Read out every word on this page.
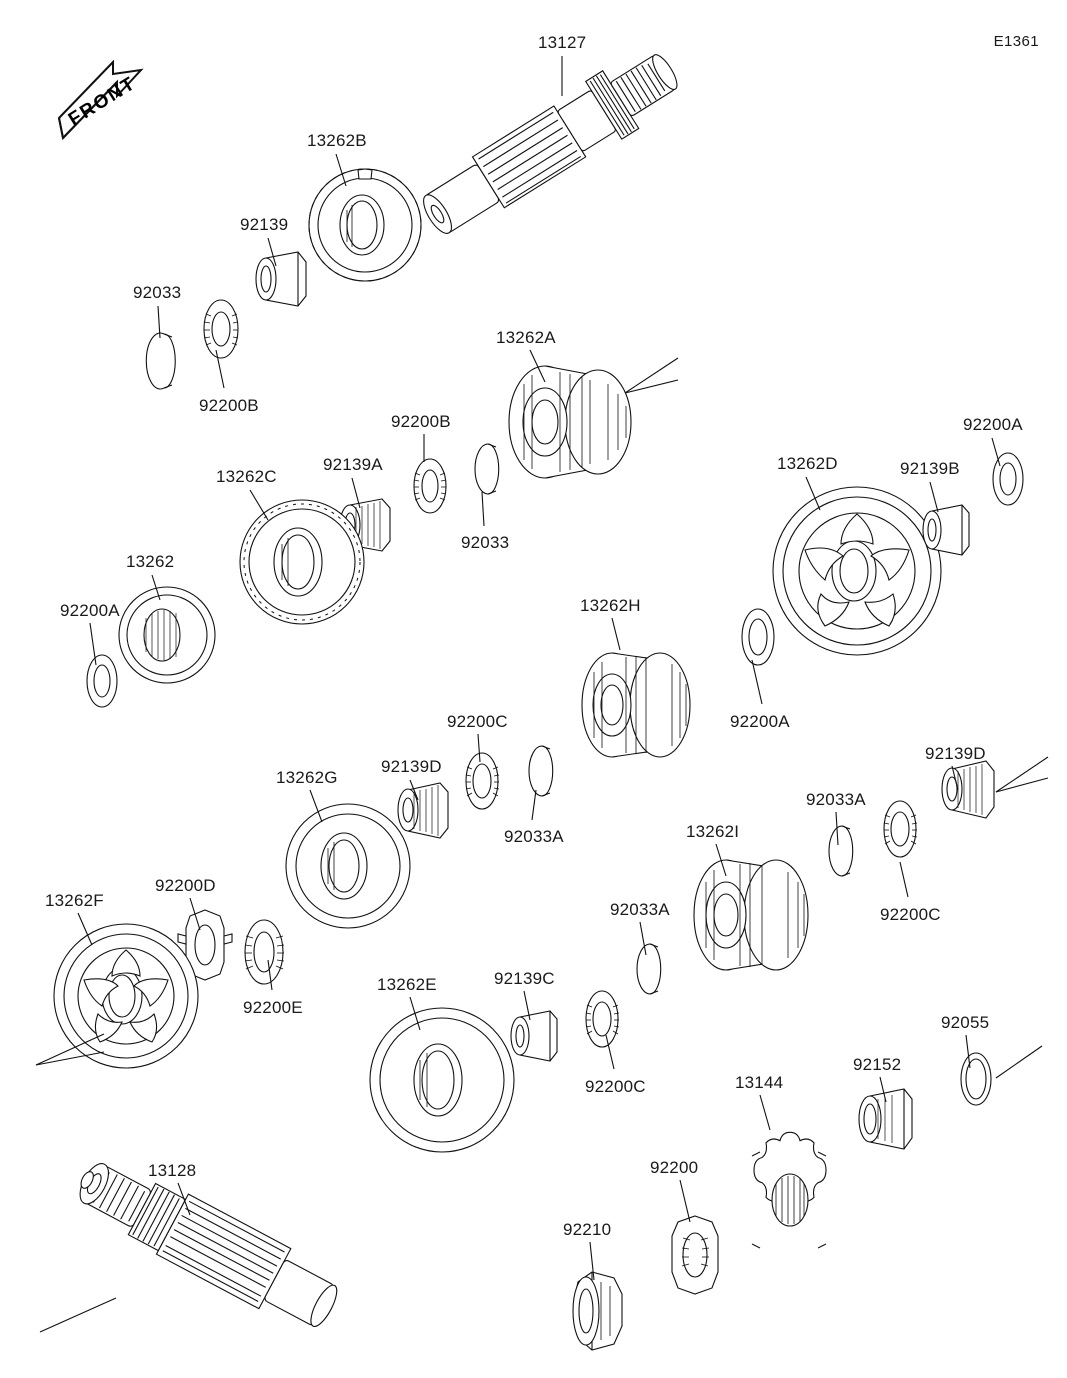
E1361
FRONT
13127
13262B
92139
92033
92200B
13262A
92200B
92139A
13262C
92033
13262
92200A
13262D	92139B
92200A
92200A
13262H
92200C
92139D
92033A
13262G
92200D
13262F
92200E
13262E	92139C
92200C
92033A
13262I
92033A
92139D
92200C
92055
92152
13144
92200
92210
13128
